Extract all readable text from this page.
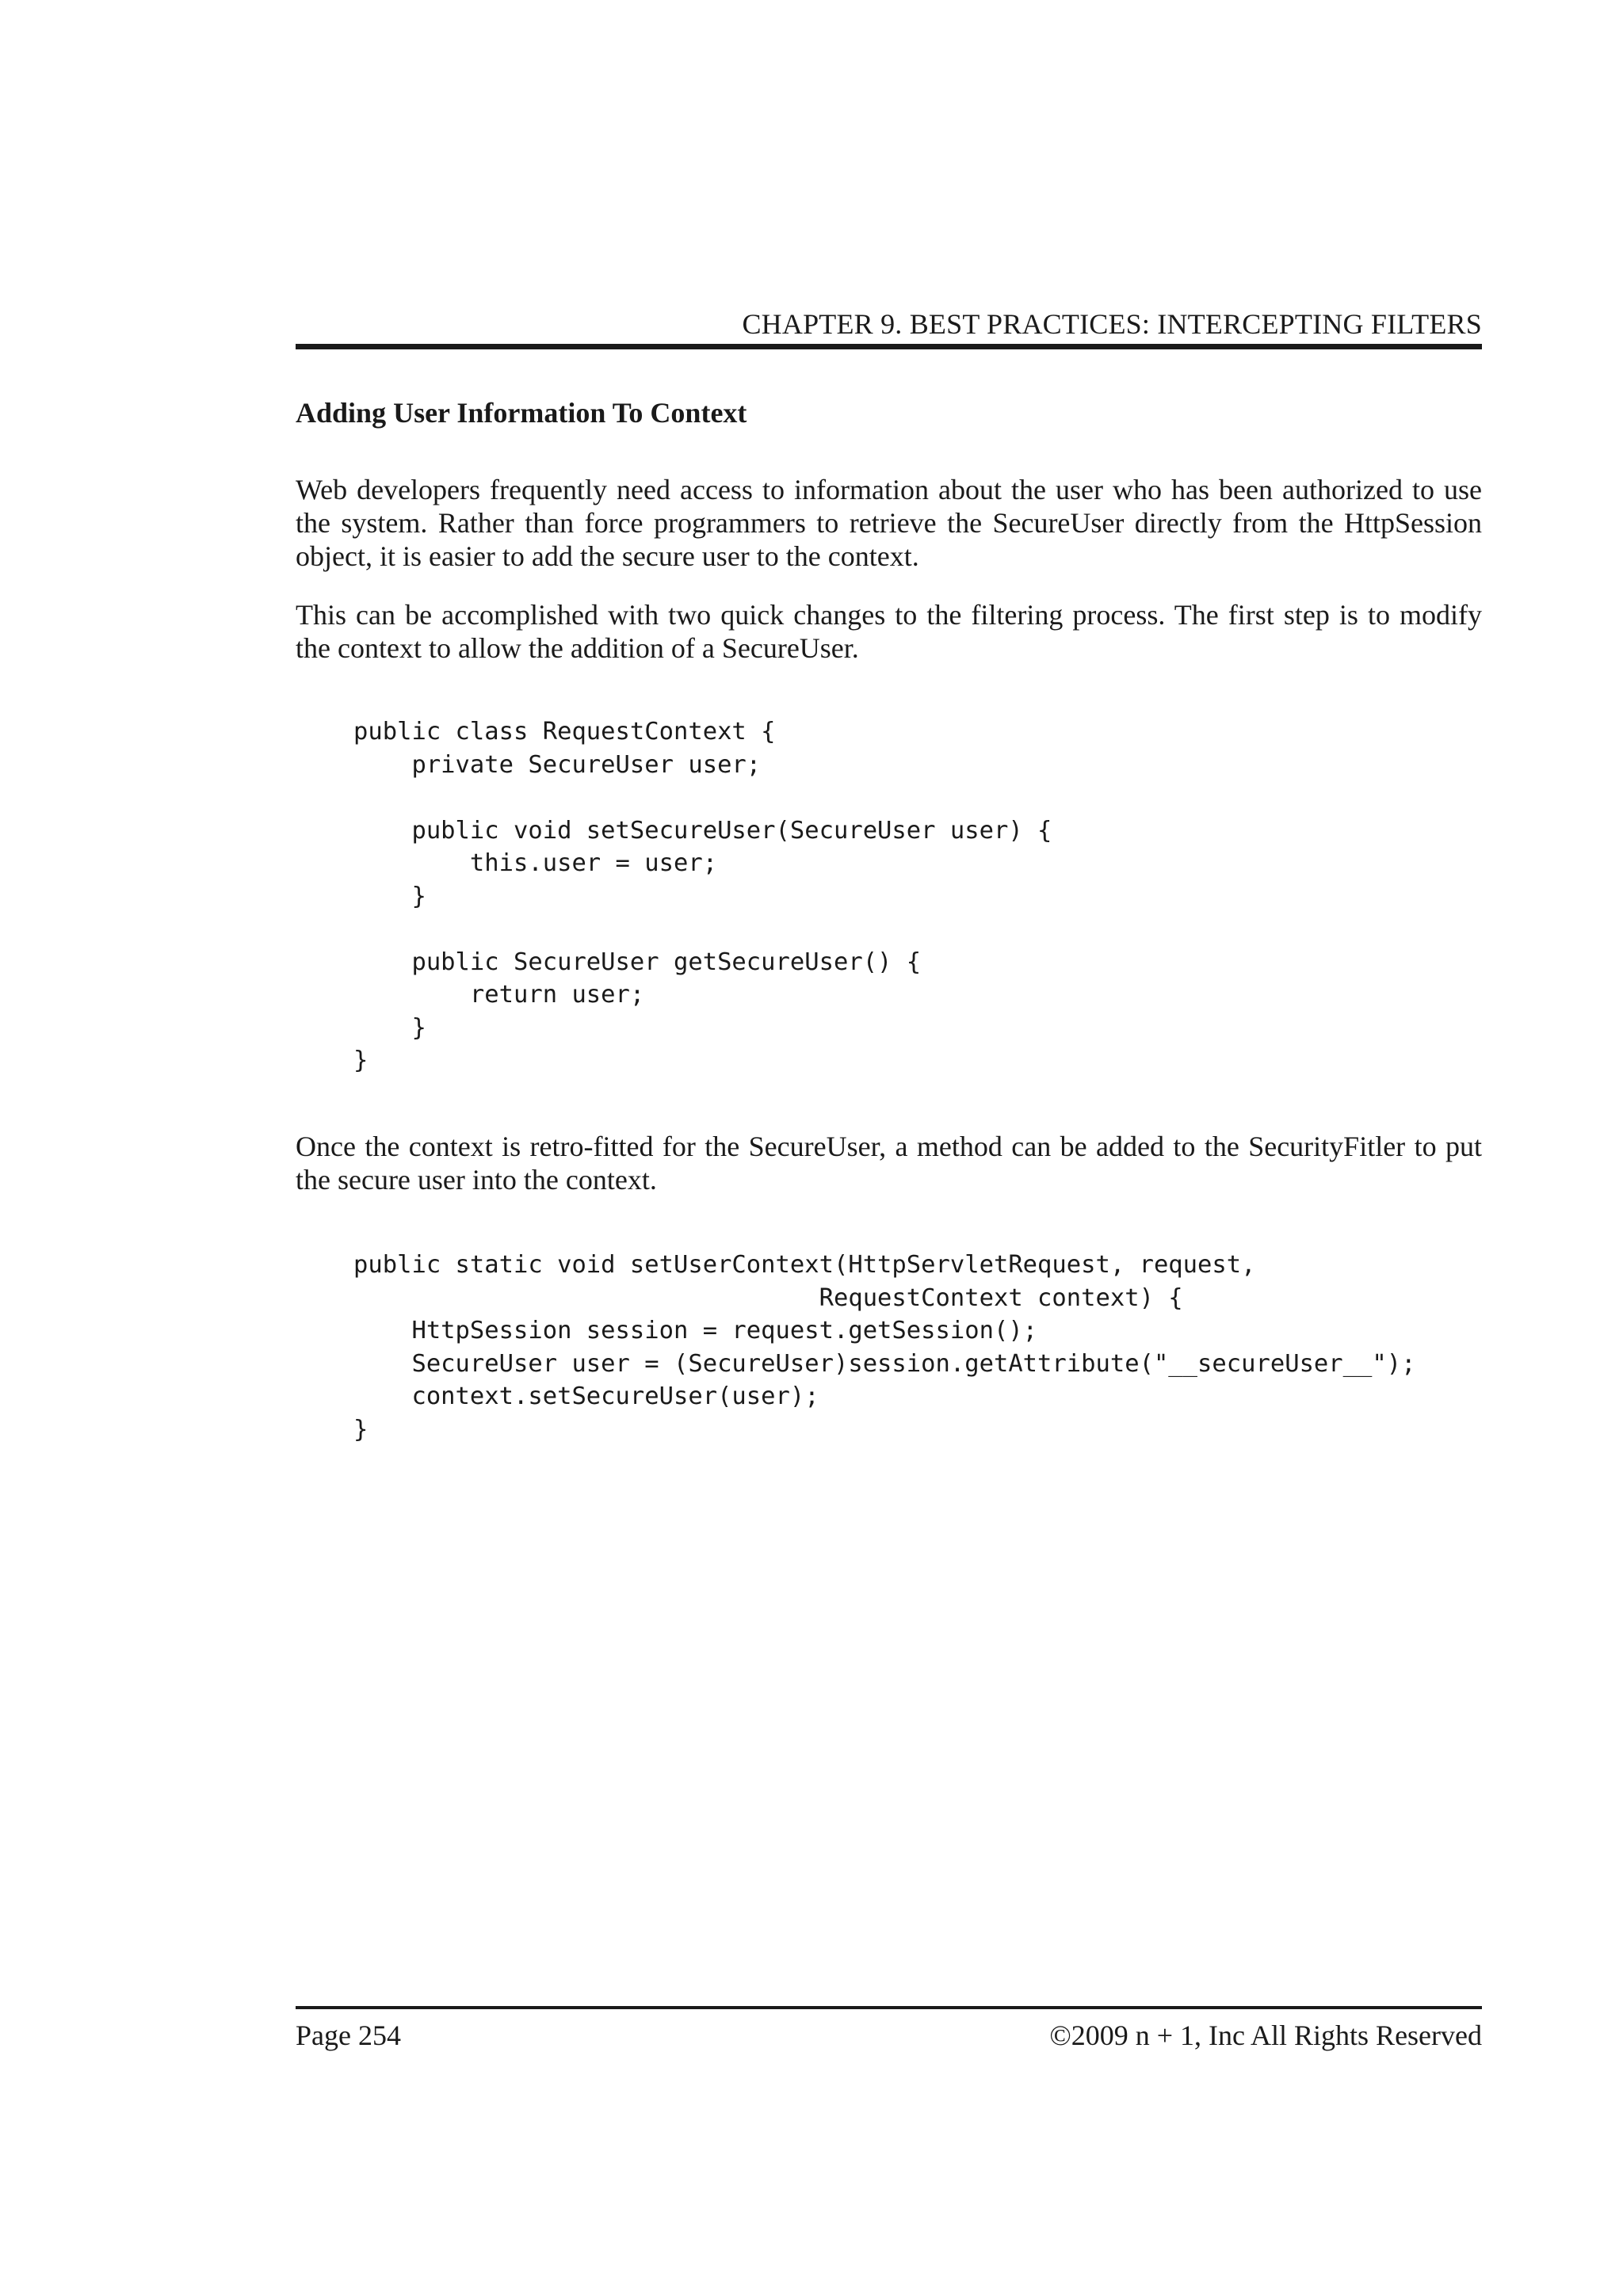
CHAPTER 9. BEST PRACTICES: INTERCEPTING FILTERS
Adding User Information To Context

Web developers frequently need access to information about the user who has been authorized to use the system. Rather than force programmers to retrieve the SecureUser directly from the HttpSession object, it is easier to add the secure user to the context.

This can be accomplished with two quick changes to the filtering process. The first step is to modify the context to allow the addition of a SecureUser.

public class RequestContext {
private SecureUser user;
public void setSecureUser(SecureUser user) {
this.user = user;
}
public SecureUser getSecureUser() {
return user;
}
}

Once the context is retro-fitted for the SecureUser, a method can be added to the SecurityFitler to put the secure user into the context.

public static void setUserContext(HttpServletRequest, request,
RequestContext context) {
HttpSession session = request.getSession();
SecureUser user = (SecureUser)session.getAttribute("__secureUser__");
context.setSecureUser(user);
}
Page 254	©2009 n + 1, Inc All Rights Reserved
